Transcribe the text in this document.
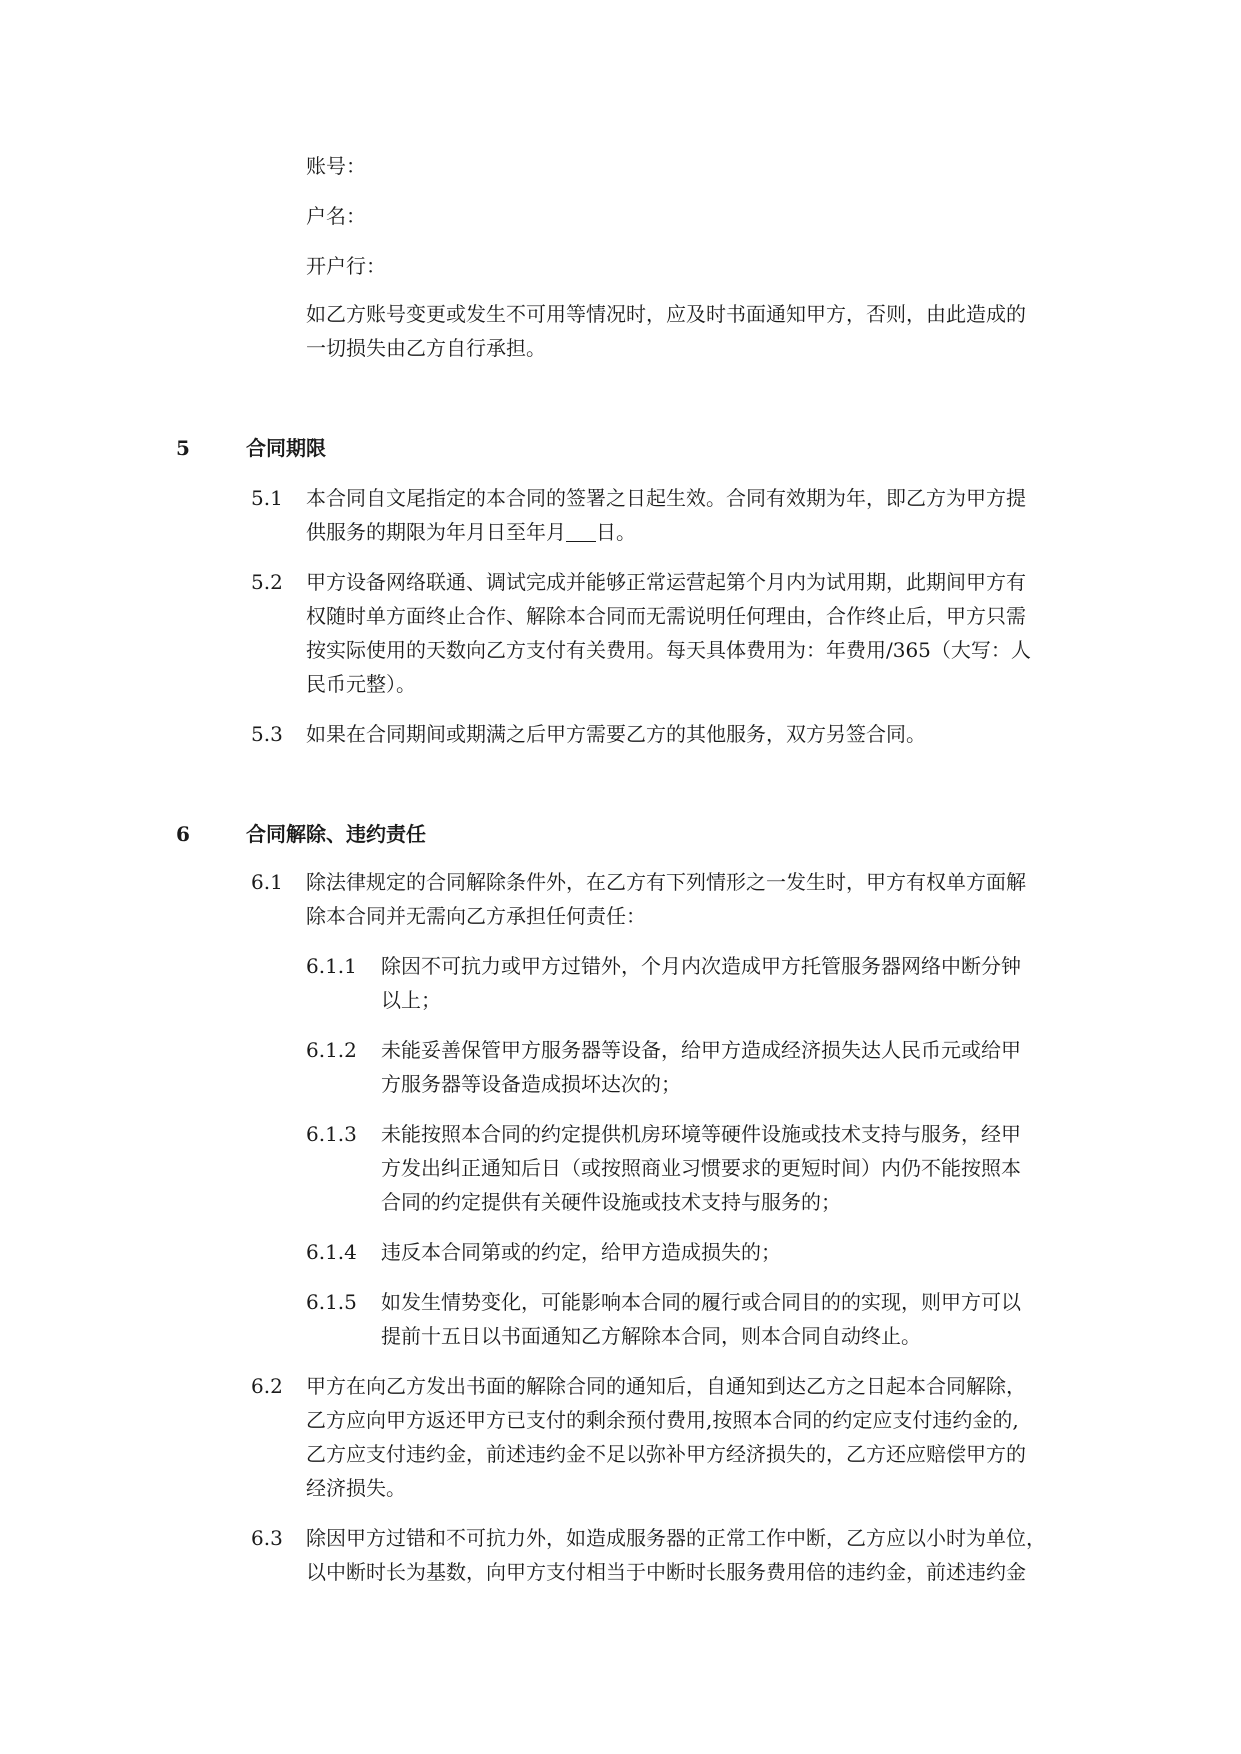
账号：
户名：
开户行：
如乙方账号变更或发生不可用等情况时，应及时书面通知甲方，否则，由此造成的
一切损失由乙方自行承担。
5	合同期限
5.1 本合同自文尾指定的本合同的签署之日起生效。合同有效期为年，即乙方为甲方提
供服务的期限为年月日至年月 日。
5.2 甲方设备网络联通、调试完成并能够正常运营起第个月内为试用期，此期间甲方有
权随时单方面终止合作、解除本合同而无需说明任何理由，合作终止后，甲方只需
按实际使用的天数向乙方支付有关费用。每天具体费用为：年费用/365（大写：人
民币元整）。
5.3 如果在合同期间或期满之后甲方需要乙方的其他服务，双方另签合同。
6	合同解除、违约责任
6.1 除法律规定的合同解除条件外，在乙方有下列情形之一发生时，甲方有权单方面解
除本合同并无需向乙方承担任何责任：
6.1.1 除因不可抗力或甲方过错外，个月内次造成甲方托管服务器网络中断分钟
以上；
6.1.2 未能妥善保管甲方服务器等设备，给甲方造成经济损失达人民币元或给甲
方服务器等设备造成损坏达次的；
6.1.3 未能按照本合同的约定提供机房环境等硬件设施或技术支持与服务，经甲
方发出纠正通知后日（或按照商业习惯要求的更短时间）内仍不能按照本
合同的约定提供有关硬件设施或技术支持与服务的；
6.1.4 违反本合同第或的约定，给甲方造成损失的；
6.1.5 如发生情势变化，可能影响本合同的履行或合同目的的实现，则甲方可以
提前十五日以书面通知乙方解除本合同，则本合同自动终止。
6.2 甲方在向乙方发出书面的解除合同的通知后，自通知到达乙方之日起本合同解除，
乙方应向甲方返还甲方已支付的剩余预付费用,按照本合同的约定应支付违约金的,
乙方应支付违约金，前述违约金不足以弥补甲方经济损失的，乙方还应赔偿甲方的
经济损失。
6.3 除因甲方过错和不可抗力外，如造成服务器的正常工作中断，乙方应以小时为单位，
以中断时长为基数，向甲方支付相当于中断时长服务费用倍的违约金，前述违约金
